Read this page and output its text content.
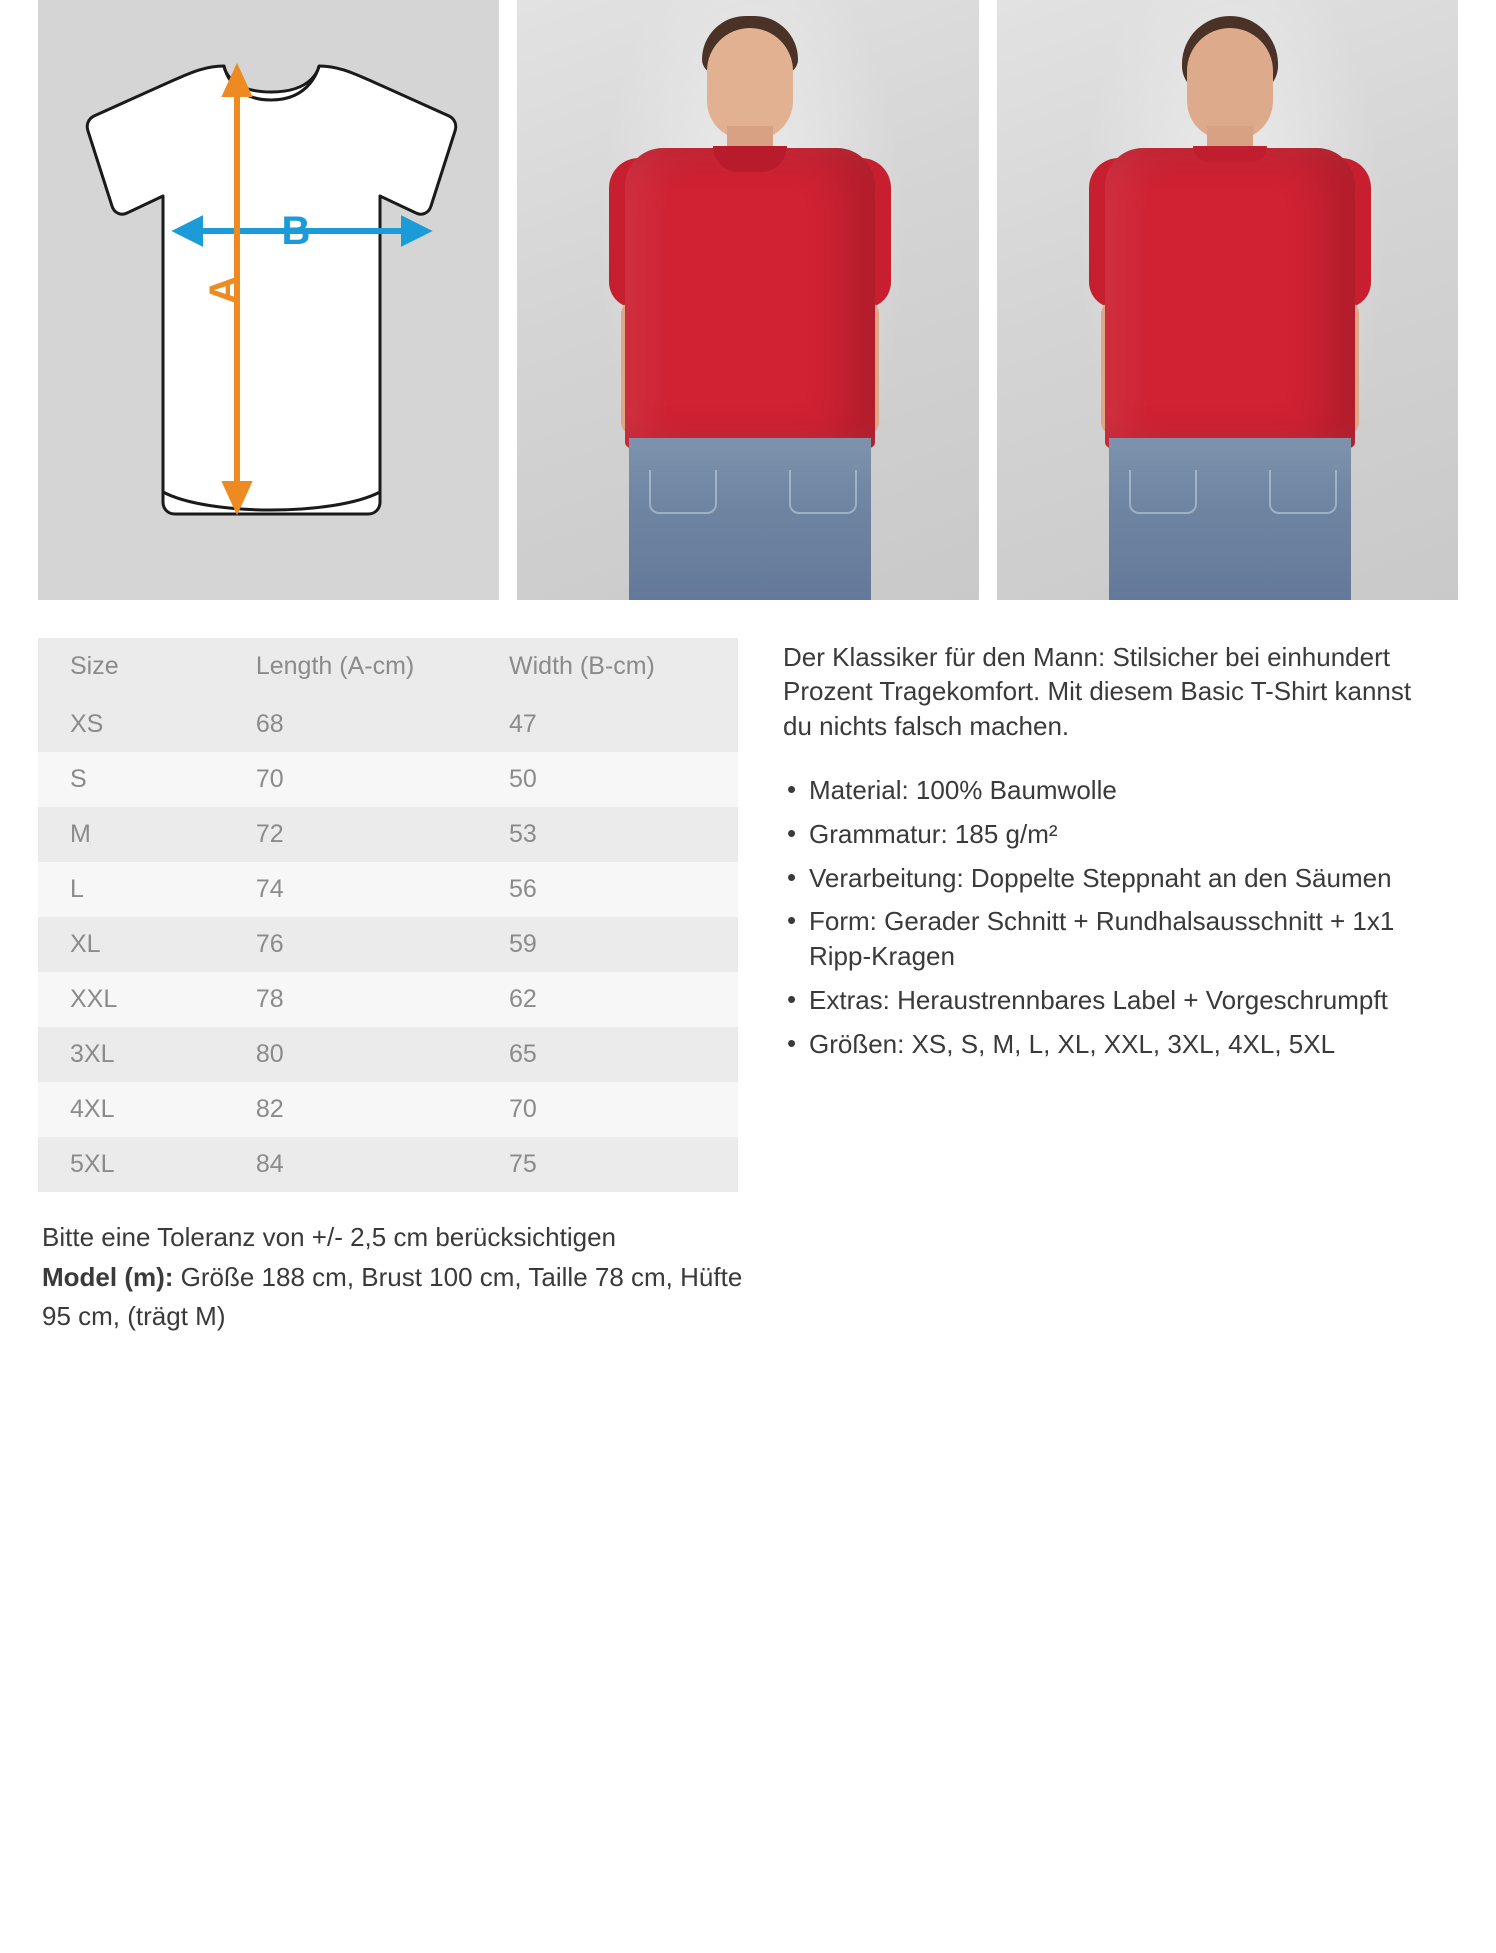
B
A
Size	Length (A-cm)	Width (B-cm)
XS	68	47
S	70	50
M	72	53
L	74	56
XL	76	59
XXL	78	62
3XL	80	65
4XL	82	70
5XL	84	75

Der Klassiker für den Mann: Stilsicher bei einhundert Prozent Tragekomfort. Mit diesem Basic T-Shirt kannst du nichts falsch machen.

• Material: 100% Baumwolle
• Grammatur: 185 g/m²
• Verarbeitung: Doppelte Steppnaht an den Säumen
• Form: Gerader Schnitt + Rundhalsausschnitt + 1x1 Ripp-Kragen
• Extras: Heraustrennbares Label + Vorgeschrumpft
• Größen: XS, S, M, L, XL, XXL, 3XL, 4XL, 5XL
Bitte eine Toleranz von +/- 2,5 cm berücksichtigen
Model (m): Größe 188 cm, Brust 100 cm, Taille 78 cm, Hüfte 95 cm, (trägt M)
